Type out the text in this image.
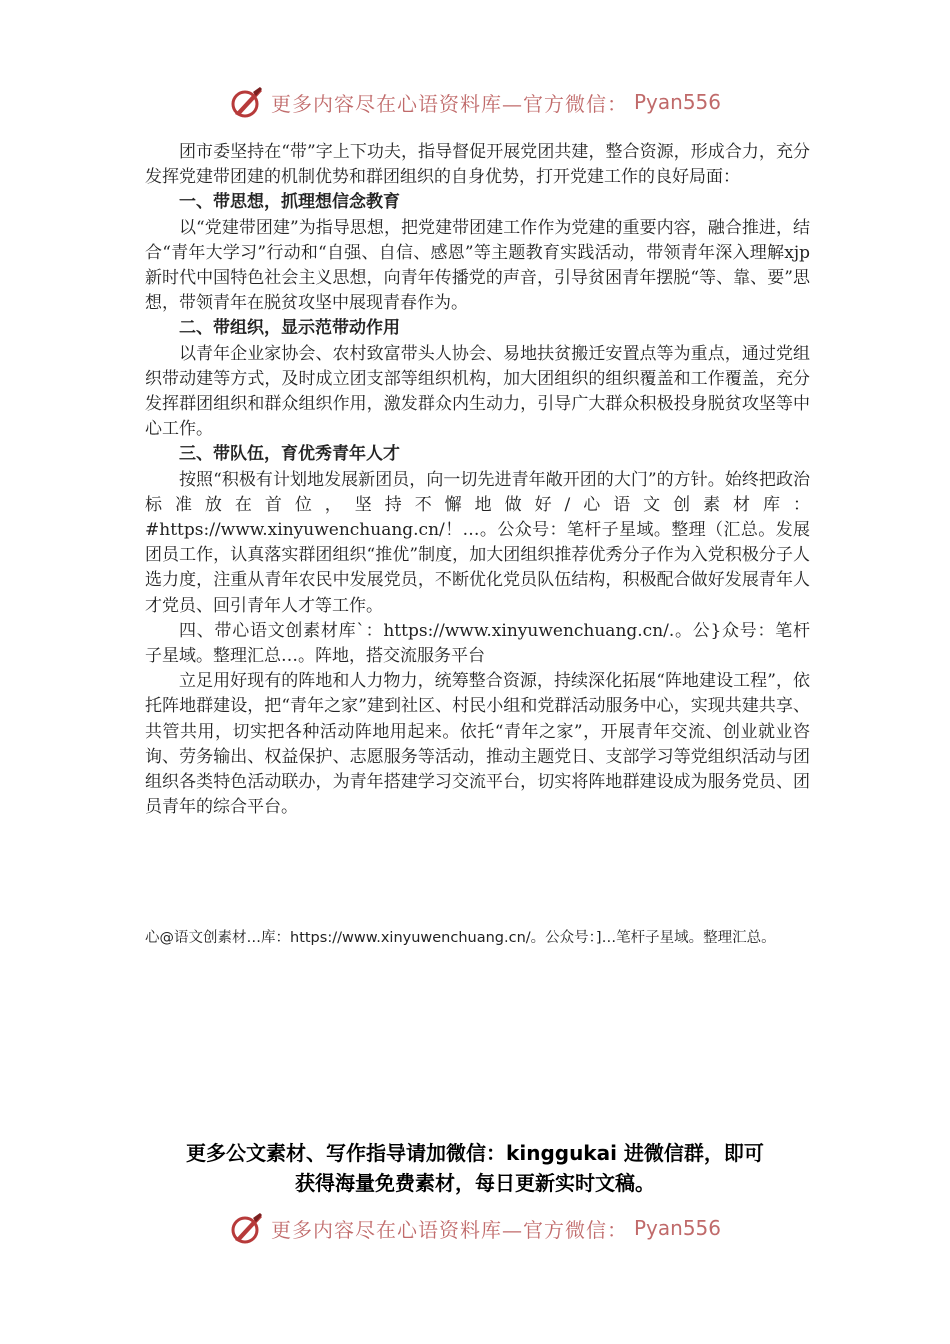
更多内容尽在心语资料库—官方微信： Pyan556

团市委坚持在“带”字上下功夫，指导督促开展党团共建，整合资源，形成合力，充分发挥党建带团建的机制优势和群团组织的自身优势，打开党建工作的良好局面：

一、带思想，抓理想信念教育

以“党建带团建”为指导思想，把党建带团建工作作为党建的重要内容，融合推进，结合“青年大学习”行动和“自强、自信、感恩”等主题教育实践活动，带领青年深入理解xjp新时代中国特色社会主义思想，向青年传播党的声音，引导贫困青年摆脱“等、靠、要”思想，带领青年在脱贫攻坚中展现青春作为。

二、带组织，显示范带动作用

以青年企业家协会、农村致富带头人协会、易地扶贫搬迁安置点等为重点，通过党组织带动建等方式，及时成立团支部等组织机构，加大团组织的组织覆盖和工作覆盖，充分发挥群团组织和群众组织作用，激发群众内生动力，引导广大群众积极投身脱贫攻坚等中心工作。

三、带队伍，育优秀青年人才

按照“积极有计划地发展新团员，向一切先进青年敞开团的大门”的方针。始终把政治标准放在首位，坚持不懈地做好/心语文创素材库：#https://www.xinyuwenchuang.cn/！…。公众号：笔杆子星域。整理（汇总。发展团员工作，认真落实群团组织“推优”制度，加大团组织推荐优秀分子作为入党积极分子人选力度，注重从青年农民中发展党员，不断优化党员队伍结构，积极配合做好发展青年人才党员、回引青年人才等工作。

四、带心语文创素材库`：https://www.xinyuwenchuang.cn/.。公}众号：笔杆子星域。整理汇总…。阵地，搭交流服务平台

立足用好现有的阵地和人力物力，统筹整合资源，持续深化拓展“阵地建设工程”，依托阵地群建设，把“青年之家”建到社区、村民小组和党群活动服务中心，实现共建共享、共管共用，切实把各种活动阵地用起来。依托“青年之家”，开展青年交流、创业就业咨询、劳务输出、权益保护、志愿服务等活动，推动主题党日、支部学习等党组织活动与团组织各类特色活动联办，为青年搭建学习交流平台，切实将阵地群建设成为服务党员、团员青年的综合平台。

心@语文创素材…库：https://www.xinyuwenchuang.cn/。公众号：]…笔杆子星域。整理汇总。
更多公文素材、写作指导请加微信：kinggukai 进微信群，即可
获得海量免费素材，每日更新实时文稿。
更多内容尽在心语资料库—官方微信： Pyan556
